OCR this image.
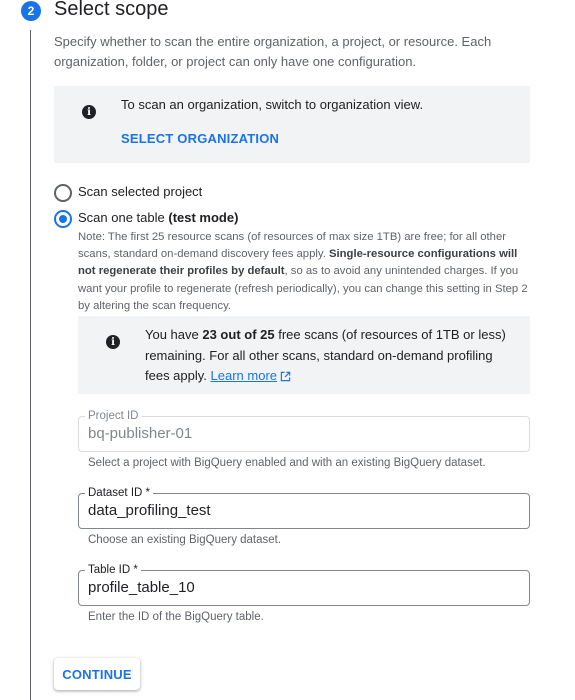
2 Select scope
Specify whether to scan the entire organization, a project, or resource. Each organization, folder, or project can only have one configuration.
i	To scan an organization, switch to organization view.
SELECT ORGANIZATION
Scan selected project
Scan one table (test mode)
Note: The first 25 resource scans (of resources of max size 1TB) are free; for all other scans, standard on-demand discovery fees apply. Single-resource configurations will not regenerate their profiles by default, so as to avoid any unintended charges. If you want your profile to regenerate (refresh periodically), you can change this setting in Step 2 by altering the scan frequency.
i	You have 23 out of 25 free scans (of resources of 1TB or less) remaining. For all other scans, standard on-demand profiling fees apply. Learn more
Project ID
bq-publisher-01
Select a project with BigQuery enabled and with an existing BigQuery dataset.
Dataset ID *
data_profiling_test
Choose an existing BigQuery dataset.
Table ID *
profile_table_10
Enter the ID of the BigQuery table.
CONTINUE
